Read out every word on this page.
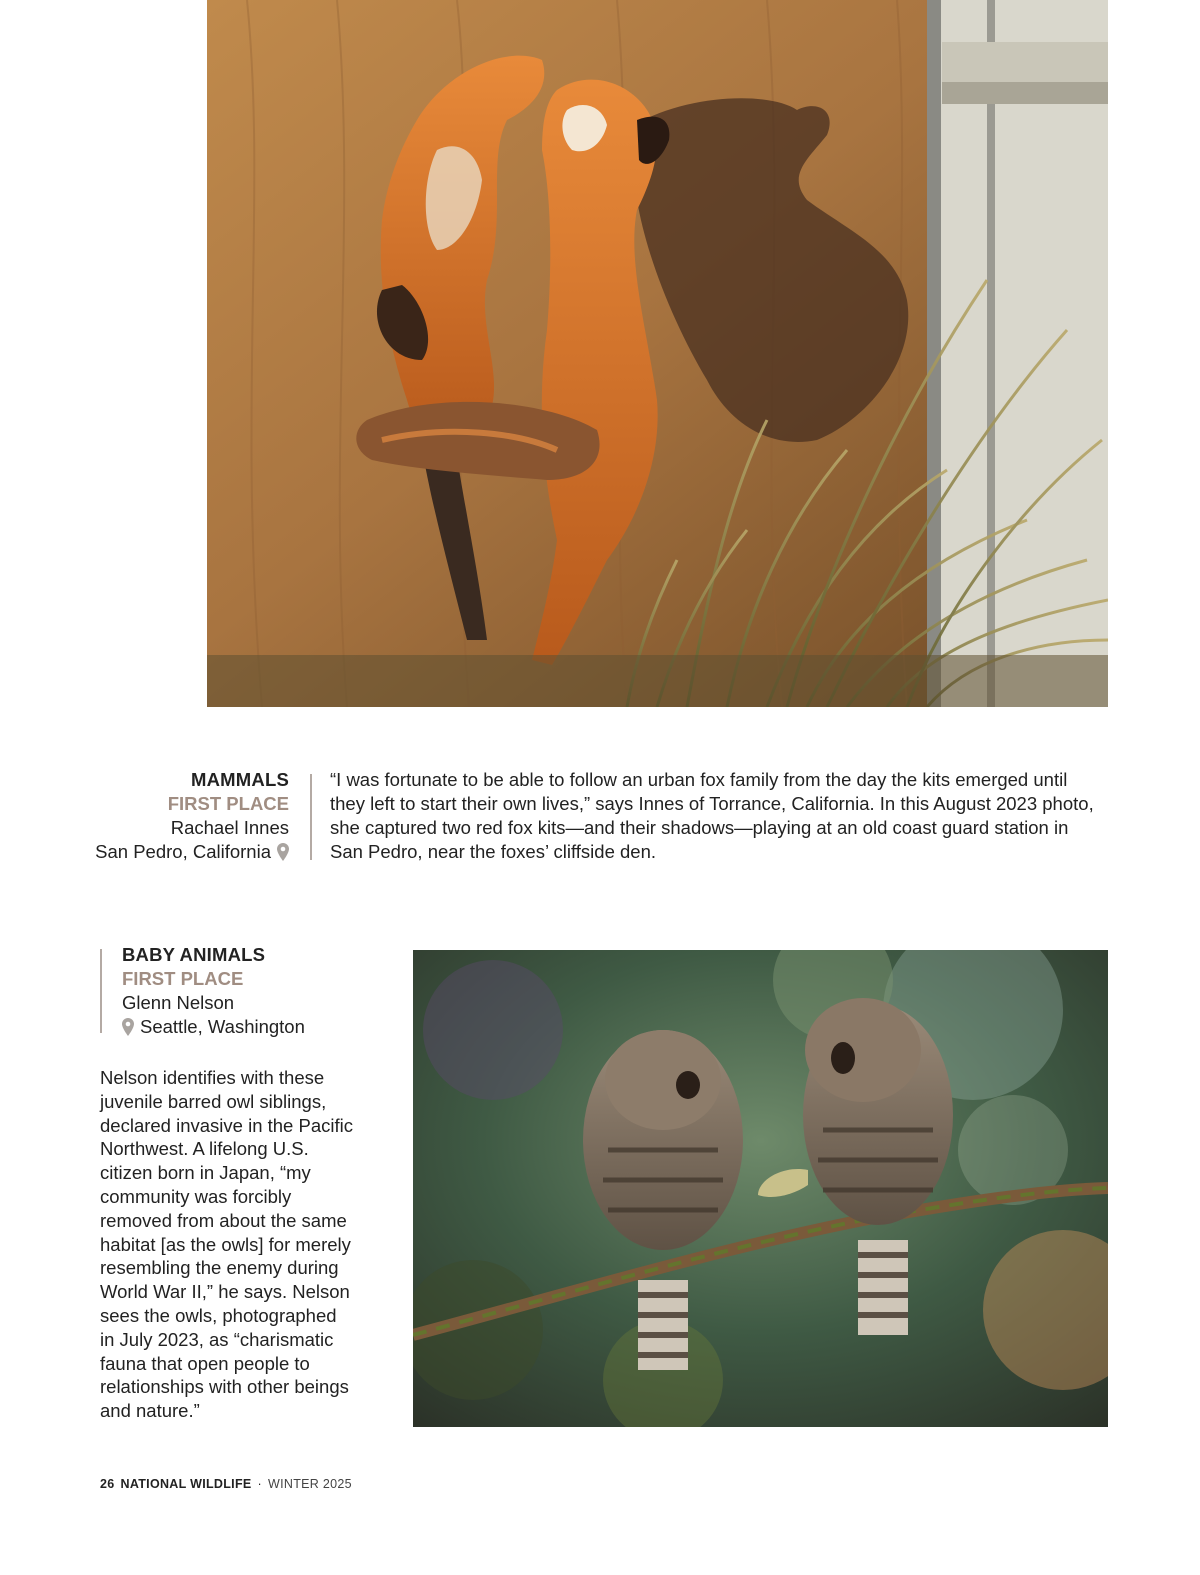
MAMMALS
FIRST PLACE
Rachael Innes
San Pedro, California
“I was fortunate to be able to follow an urban fox family from the day the kits emerged until they left to start their own lives,” says Innes of Torrance, California. In this August 2023 photo, she captured two red fox kits—and their shadows—playing at an old coast guard station in San Pedro, near the foxes’ cliffside den.
BABY ANIMALS
FIRST PLACE
Glenn Nelson
Seattle, Washington
Nelson identifies with these juvenile barred owl siblings, declared invasive in the Pacific Northwest. A lifelong U.S. citizen born in Japan, “my community was forcibly removed from about the same habitat [as the owls] for merely resembling the enemy during World War II,” he says. Nelson sees the owls, photographed in July 2023, as “charismatic fauna that open people to relationships with other beings and nature.”
26 NATIONAL WILDLIFE · WINTER 2025
